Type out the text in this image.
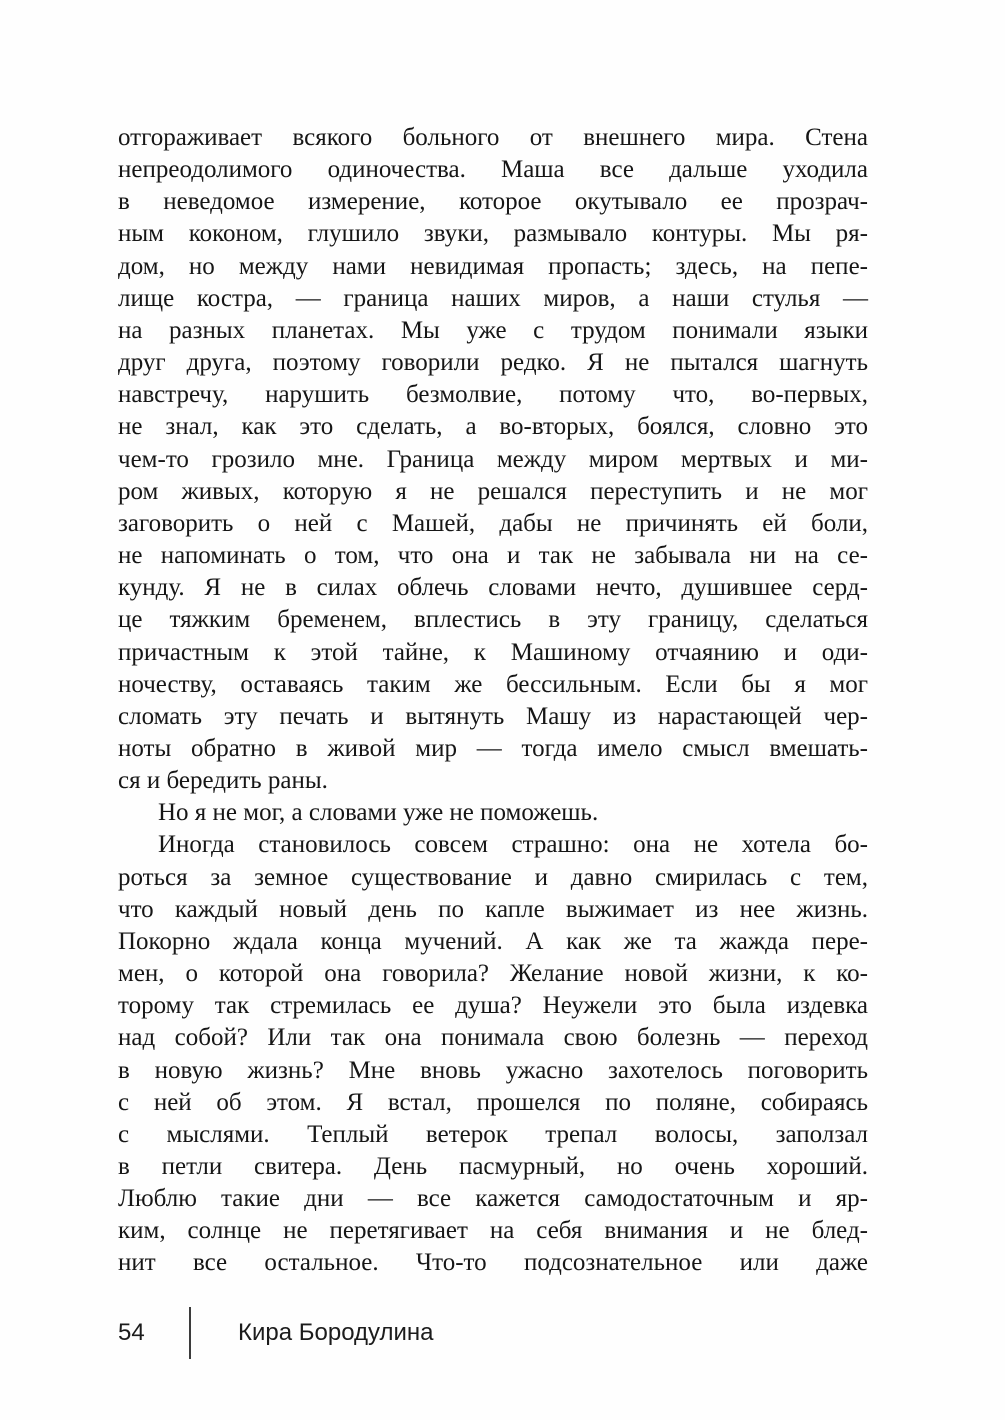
отгораживает всякого больного от внешнего мира. Стена
непреодолимого одиночества. Маша все дальше уходила
в неведомое измерение, которое окутывало ее прозрач-
ным коконом, глушило звуки, размывало контуры. Мы ря-
дом, но между нами невидимая пропасть; здесь, на пепе-
лище костра, — граница наших миров, а наши стулья —
на разных планетах. Мы уже с трудом понимали языки
друг друга, поэтому говорили редко. Я не пытался шагнуть
навстречу, нарушить безмолвие, потому что, во-первых,
не знал, как это сделать, а во-вторых, боялся, словно это
чем-то грозило мне. Граница между миром мертвых и ми-
ром живых, которую я не решался переступить и не мог
заговорить о ней с Машей, дабы не причинять ей боли,
не напоминать о том, что она и так не забывала ни на се-
кунду. Я не в силах облечь словами нечто, душившее серд-
це тяжким бременем, вплестись в эту границу, сделаться
причастным к этой тайне, к Машиному отчаянию и оди-
ночеству, оставаясь таким же бессильным. Если бы я мог
сломать эту печать и вытянуть Машу из нарастающей чер-
ноты обратно в живой мир — тогда имело смысл вмешать-
ся и бередить раны.
Но я не мог, а словами уже не поможешь.
Иногда становилось совсем страшно: она не хотела бо-
роться за земное существование и давно смирилась с тем,
что каждый новый день по капле выжимает из нее жизнь.
Покорно ждала конца мучений. А как же та жажда пере-
мен, о которой она говорила? Желание новой жизни, к ко-
торому так стремилась ее душа? Неужели это была издевка
над собой? Или так она понимала свою болезнь — переход
в новую жизнь? Мне вновь ужасно захотелось поговорить
с ней об этом. Я встал, прошелся по поляне, собираясь
с мыслями. Теплый ветерок трепал волосы, заползал
в петли свитера. День пасмурный, но очень хороший.
Люблю такие дни — все кажется самодостаточным и яр-
ким, солнце не перетягивает на себя внимания и не блед-
нит все остальное. Что-то подсознательное или даже
54	Кира Бородулина
